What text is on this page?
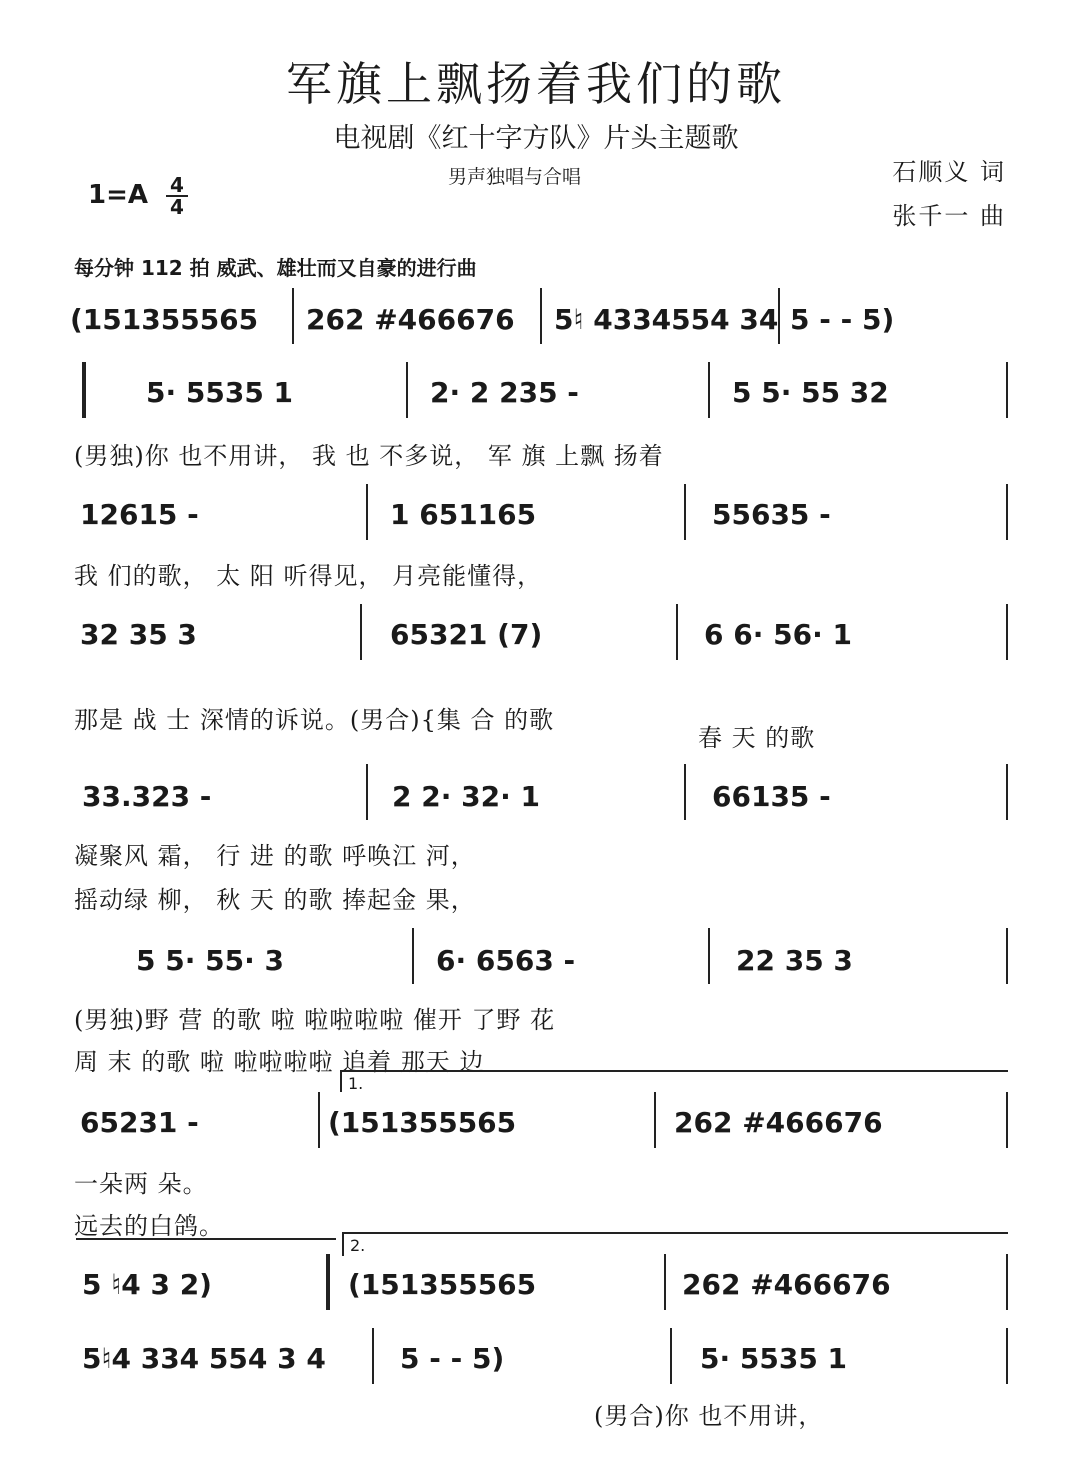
军旗上飘扬着我们的歌
电视剧《红十字方队》片头主题歌
男声独唱与合唱	石顺义 词
张千一 曲
1=A 4
4
每分钟 112 拍 威武、雄壮而又自豪的进行曲
(151355565 262 #466676 5♮ 4334554 34 5 - - 5)
5· 5535 1	2· 2 235 -	5 5· 55 32
(男独)你 也不用讲， 我 也 不多说， 军 旗 上飘 扬着
12615 -	1 651165	55635 -
我 们的歌， 太 阳 听得见， 月亮能懂得，
32 35 3	65321 (7)	6 6· 56· 1
那是 战 士 深情的诉说。(男合){集 合 的歌
春 天 的歌
33.323 -	2 2· 32· 1	66135 -
凝聚风 霜， 行 进 的歌 呼唤江 河，
摇动绿 柳， 秋 天 的歌 捧起金 果，
5 5· 55· 3	6· 6563 -	22 35 3
(男独)野 营 的歌 啦 啦啦啦啦 催开 了野 花
周 末 的歌 啦 啦啦啦啦 追着 那天 边
1.
65231 -	(151355565	262 #466676
一朵两 朵。
远去的白鸽。
2.
5 ♮4 3 2)	(151355565	262 #466676
5♮4 334 554 3 4	5 - - 5)	5· 5535 1
(男合)你 也不用讲，
